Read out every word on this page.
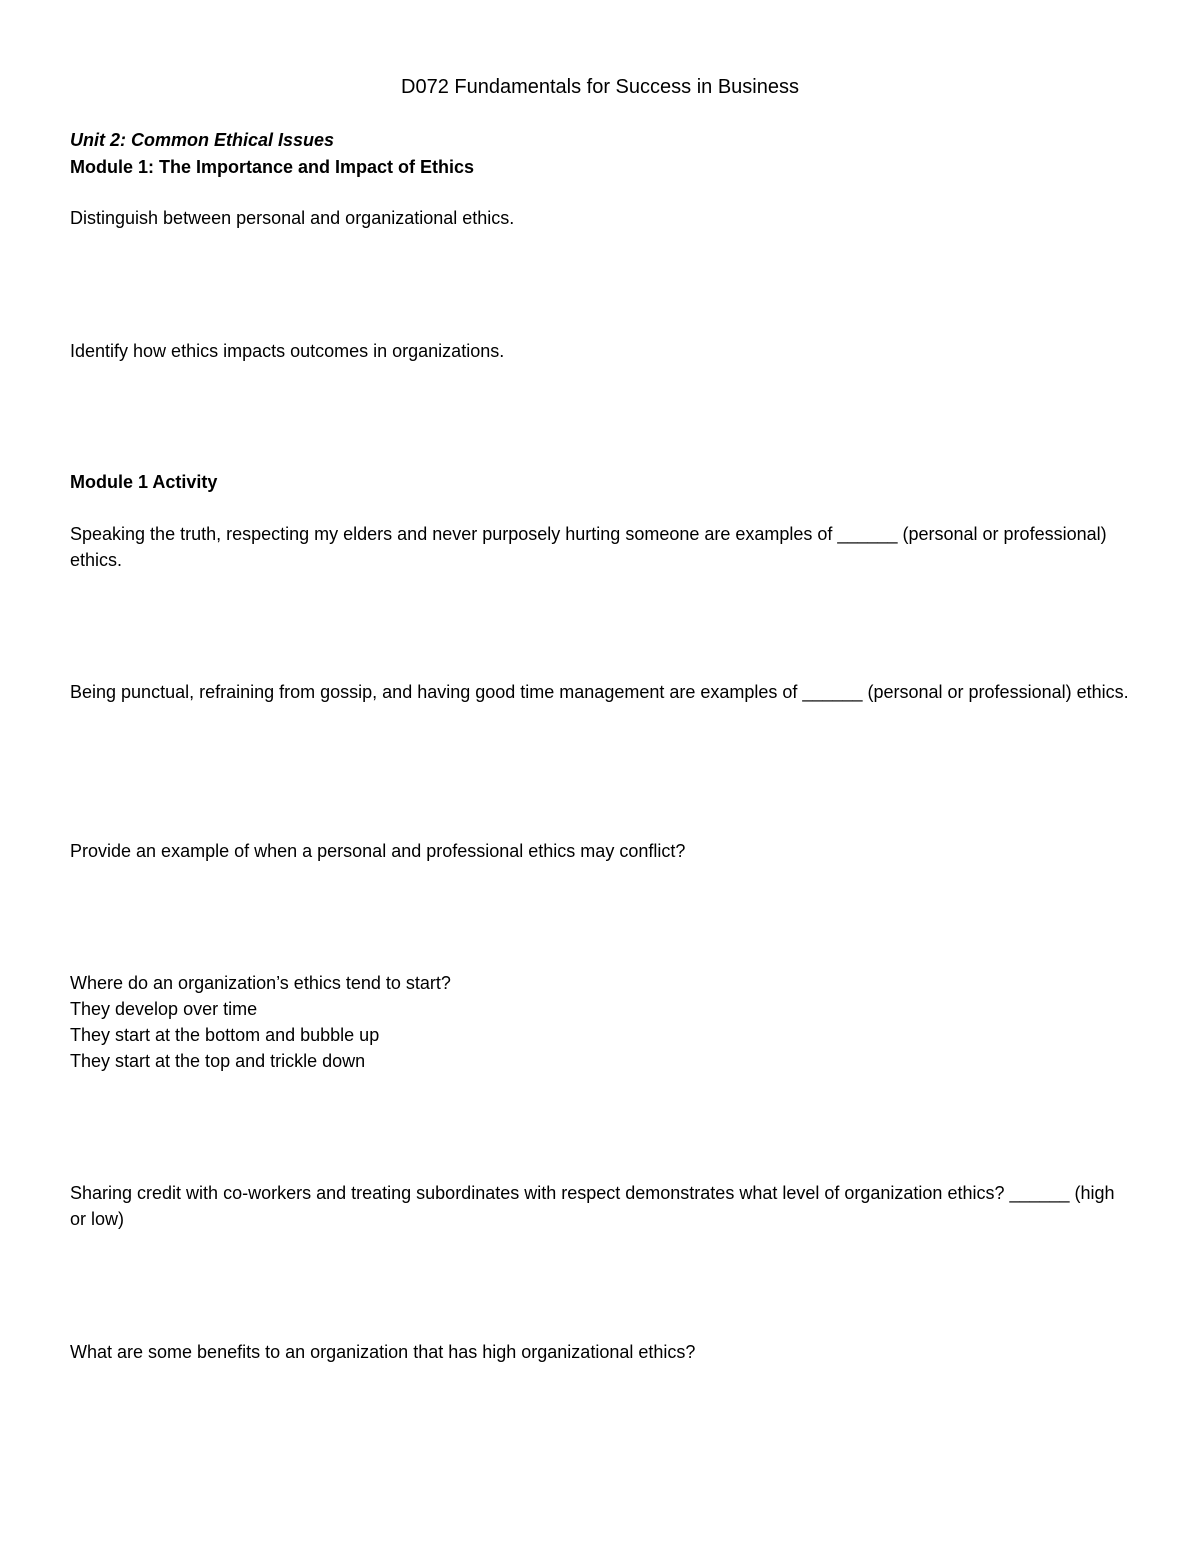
D072 Fundamentals for Success in Business
Unit 2: Common Ethical Issues
Module 1: The Importance and Impact of Ethics
Distinguish between personal and organizational ethics.
Identify how ethics impacts outcomes in organizations.
Module 1 Activity
Speaking the truth, respecting my elders and never purposely hurting someone are examples of ______ (personal or professional) ethics.
Being punctual, refraining from gossip, and having good time management are examples of ______ (personal or professional) ethics.
Provide an example of when a personal and professional ethics may conflict?
Where do an organization’s ethics tend to start?
They develop over time
They start at the bottom and bubble up
They start at the top and trickle down
Sharing credit with co-workers and treating subordinates with respect demonstrates what level of organization ethics? ______ (high or low)
What are some benefits to an organization that has high organizational ethics?
